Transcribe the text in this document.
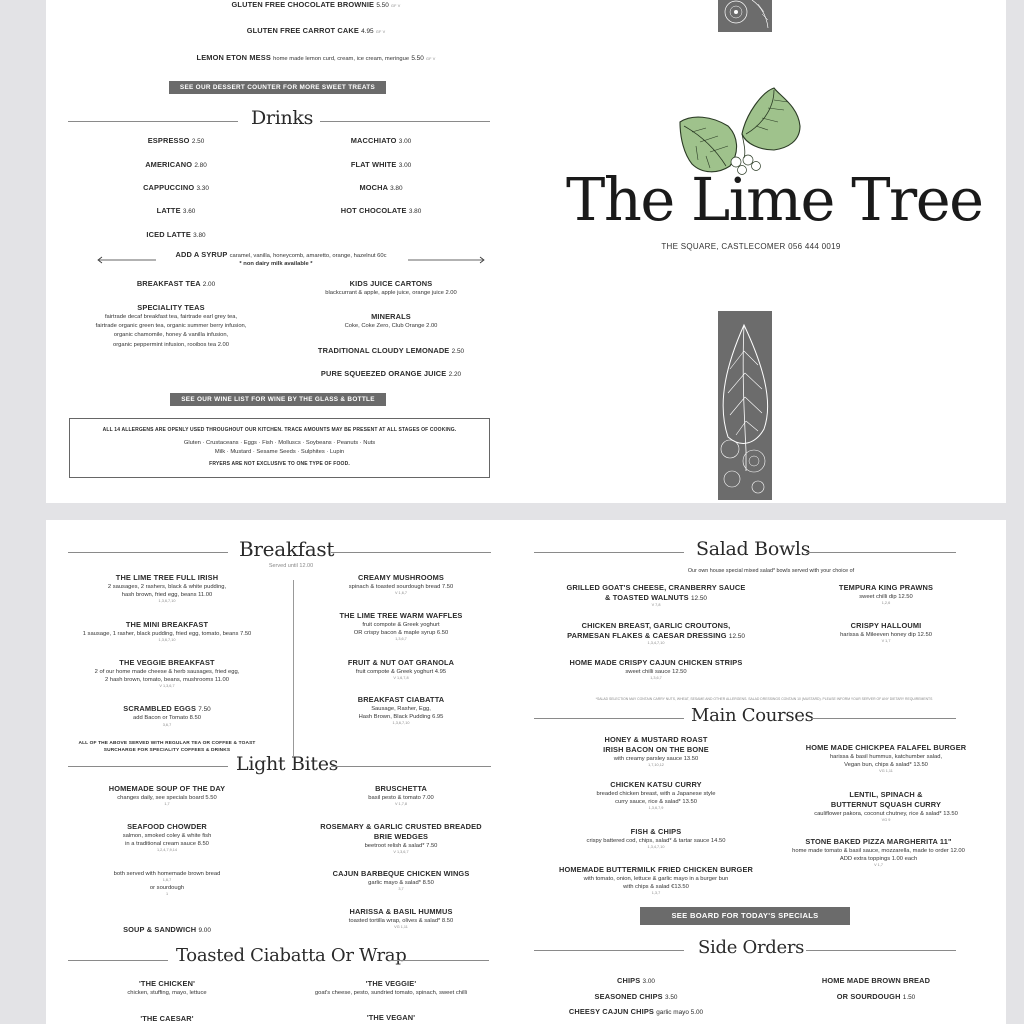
GLUTEN FREE CHOCOLATE BROWNIE 5.50 GF V
GLUTEN FREE CARROT CAKE 4.95 GF V
LEMON ETON MESS home made lemon curd, cream, ice cream, meringue 5.50 GF V
SEE OUR DESSERT COUNTER FOR MORE SWEET TREATS
Drinks
ESPRESSO 2.50
AMERICANO 2.80
CAPPUCCINO 3.30
LATTE 3.60
ICED LATTE 3.80
MACCHIATO 3.00
FLAT WHITE 3.00
MOCHA 3.80
HOT CHOCOLATE 3.80
ADD A SYRUP caramel, vanilla, honeycomb, amaretto, orange, hazelnut 60c
* non dairy milk available *
BREAKFAST TEA 2.00
SPECIALITY TEAS
fairtrade decaf breakfast tea, fairtrade earl grey tea,
fairtrade organic green tea, organic summer berry infusion,
organic chamomile, honey & vanilla infusion,
organic peppermint infusion, rooibos tea 2.00
KIDS JUICE CARTONS
blackcurrant & apple, apple juice, orange juice 2.00
MINERALS
Coke, Coke Zero, Club Orange 2.00
TRADITIONAL CLOUDY LEMONADE 2.50
PURE SQUEEZED ORANGE JUICE 2.20
SEE OUR WINE LIST FOR WINE BY THE GLASS & BOTTLE
ALL 14 ALLERGENS ARE OPENLY USED THROUGHOUT OUR KITCHEN. TRACE AMOUNTS MAY BE PRESENT AT ALL STAGES OF COOKING.
Gluten · Crustaceans · Eggs · Fish · Molluscs · Soybeans · Peanuts · Nuts
Milk · Mustard · Sesame Seeds · Sulphites · Lupin
FRYERS ARE NOT EXCLUSIVE TO ONE TYPE OF FOOD.
The Lime Tree
THE SQUARE, CASTLECOMER 056 444 0019
Breakfast
Served until 12.00
THE LIME TREE FULL IRISH
2 sausages, 2 rashers, black & white pudding,
hash brown, fried egg, beans 11.00
1,3,6,7,10
THE MINI BREAKFAST
1 sausage, 1 rasher, black pudding, fried egg, tomato, beans 7.50
1,3,6,7,10
THE VEGGIE BREAKFAST
2 of our home made cheese & herb sausages, fried egg,
2 hash brown, tomato, beans, mushrooms 11.00
V 1,3,6,7
SCRAMBLED EGGS 7.50
add Bacon or Tomato 8.50
3,6,7
ALL OF THE ABOVE SERVED WITH REGULAR TEA OR COFFEE & TOAST
SURCHARGE FOR SPECIALITY COFFEES & DRINKS
CREAMY MUSHROOMS
spinach & toasted sourdough bread 7.50
V 1,6,7
THE LIME TREE WARM WAFFLES
fruit compote & Greek yoghurt
OR crispy bacon & maple syrup 6.50
1,3,6,7
FRUIT & NUT OAT GRANOLA
fruit compote & Greek yoghurt 4.95
V 1,6,7,8
BREAKFAST CIABATTA
Sausage, Rasher, Egg,
Hash Brown, Black Pudding 6.95
1,3,6,7,10
Light Bites
HOMEMADE SOUP OF THE DAY
changes daily, see specials board 5.50
1,7
SEAFOOD CHOWDER
salmon, smoked coley & white fish
in a traditional cream sauce 8.50
1,2,4,7,9,14
both served with homemade brown bread
1,6,7
or sourdough
1
SOUP & SANDWICH 9.00
BRUSCHETTA
basil pesto & tomato 7.00
V 1,7,8
ROSEMARY & GARLIC CRUSTED BREADED
BRIE WEDGES
beetroot relish & salad* 7.50
V 1,3,6,7
CAJUN BARBEQUE CHICKEN WINGS
garlic mayo & salad* 8.50
3,7
HARISSA & BASIL HUMMUS
toasted tortilla wrap, olives & salad* 8.50
VG 1,11
Toasted Ciabatta Or Wrap
'THE CHICKEN'
chicken, stuffing, mayo, lettuce
'THE VEGGIE'
goat's cheese, pesto, sundried tomato, spinach, sweet chilli
'THE CAESAR'	'THE VEGAN'
Salad Bowls
Our own house special mixed salad* bowls served with your choice of
GRILLED GOAT'S CHEESE, CRANBERRY SAUCE
& TOASTED WALNUTS 12.50
V 7,8
CHICKEN BREAST, GARLIC CROUTONS,
PARMESAN FLAKES & CAESAR DRESSING 12.50
1,3,4,7,10
HOME MADE CRISPY CAJUN CHICKEN STRIPS
sweet chilli sauce 12.50
1,3,6,7
TEMPURA KING PRAWNS
sweet chilli dip 12.50
1,2,6
CRISPY HALLOUMI
harissa & Mileeven honey dip 12.50
V 1,7
*SALAD SELECTION MAY CONTAIN CARRY NUTS, WHEAT, SESAME AND OTHER ALLERGENS. SALAD DRESSINGS CONTAIN 10 (MUSTARD). PLEASE INFORM YOUR SERVER OF ANY DIETARY REQUIREMENTS
Main Courses
HONEY & MUSTARD ROAST
IRISH BACON ON THE BONE
with creamy parsley sauce 13.50
1,7,10,12
CHICKEN KATSU CURRY
breaded chicken breast, with a Japanese style
curry sauce, rice & salad* 13.50
1,3,6,7,9
FISH & CHIPS
crispy battered cod, chips, salad* & tartar sauce 14.50
1,3,4,7,10
HOMEMADE BUTTERMILK FRIED CHICKEN BURGER
with tomato, onion, lettuce & garlic mayo in a burger bun
with chips & salad €13.50
1,3,7
HOME MADE CHICKPEA FALAFEL BURGER
harissa & basil hummus, katchumber salad,
Vegan bun, chips & salad* 13.50
VG 1,11
LENTIL, SPINACH &
BUTTERNUT SQUASH CURRY
cauliflower pakora, coconut chutney, rice & salad* 13.50
VG 9
STONE BAKED PIZZA MARGHERITA 11"
home made tomato & basil sauce, mozzarella, made to order 12.00
ADD extra toppings 1.00 each
V 1,7
SEE BOARD FOR TODAY'S SPECIALS
Side Orders
CHIPS 3.00
SEASONED CHIPS 3.50
CHEESY CAJUN CHIPS garlic mayo 5.00
HOME MADE BROWN BREAD
OR SOURDOUGH 1.50
